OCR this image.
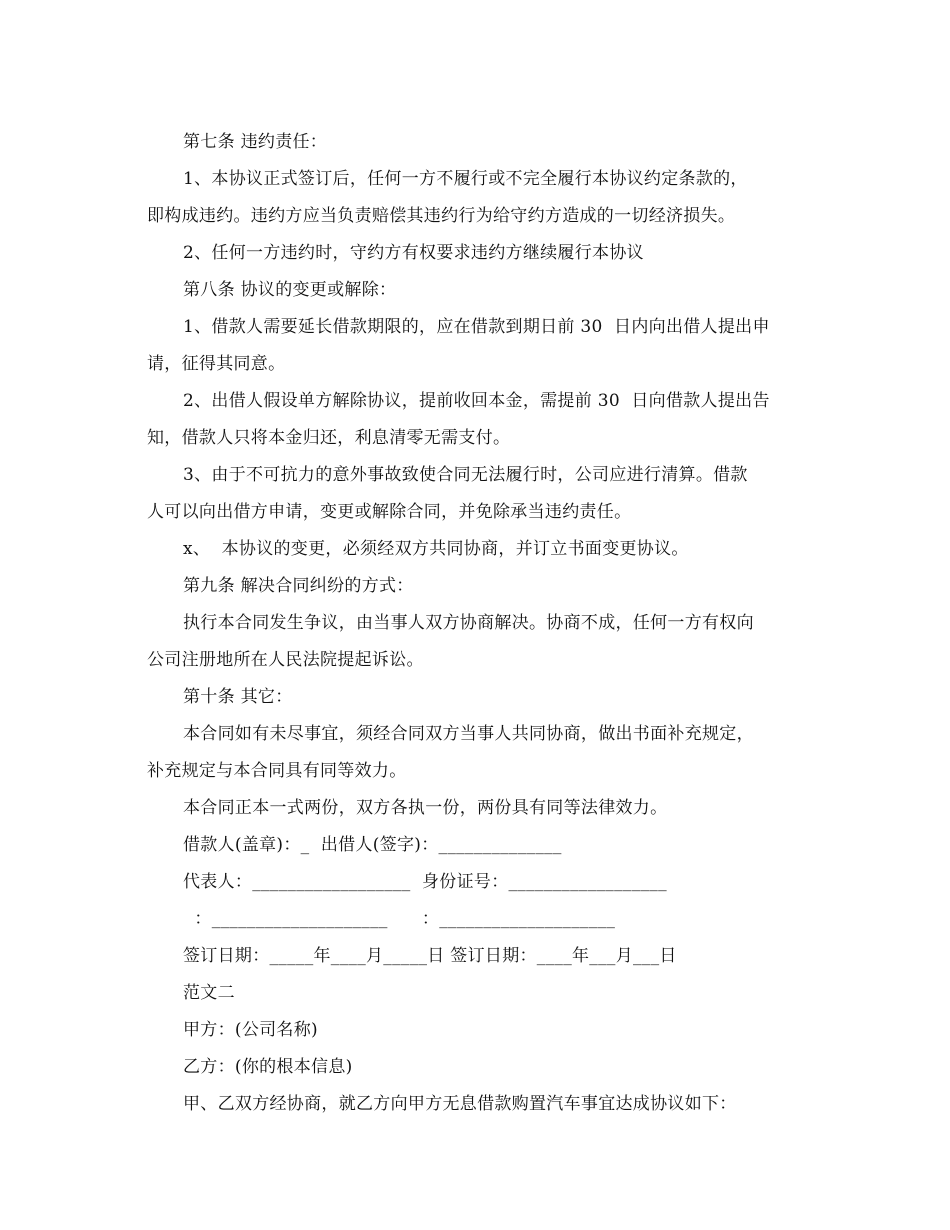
第七条 违约责任：
1、本协议正式签订后，任何一方不履行或不完全履行本协议约定条款的，
即构成违约。违约方应当负责赔偿其违约行为给守约方造成的一切经济损失。
2、任何一方违约时，守约方有权要求违约方继续履行本协议
第八条 协议的变更或解除：
1、借款人需要延长借款期限的，应在借款到期日前 30  日内向出借人提出申
请，征得其同意。
2、出借人假设单方解除协议，提前收回本金，需提前 30  日向借款人提出告
知，借款人只将本金归还，利息清零无需支付。
3、由于不可抗力的意外事故致使合同无法履行时，公司应进行清算。借款
人可以向出借方申请，变更或解除合同，并免除承当违约责任。
x、  本协议的变更，必须经双方共同协商，并订立书面变更协议。
第九条 解决合同纠纷的方式：
执行本合同发生争议，由当事人双方协商解决。协商不成，任何一方有权向
公司注册地所在人民法院提起诉讼。
第十条 其它：
本合同如有未尽事宜，须经合同双方当事人共同协商，做出书面补充规定，
补充规定与本合同具有同等效力。
本合同正本一式两份，双方各执一份，两份具有同等法律效力。
借款人(盖章)：_  出借人(签字)：______________
代表人：__________________  身份证号：__________________
：____________________      ：____________________
签订日期：_____年____月_____日 签订日期：____年___月___日
范文二
甲方：(公司名称)
乙方：(你的根本信息)
甲、乙双方经协商，就乙方向甲方无息借款购置汽车事宜达成协议如下：
